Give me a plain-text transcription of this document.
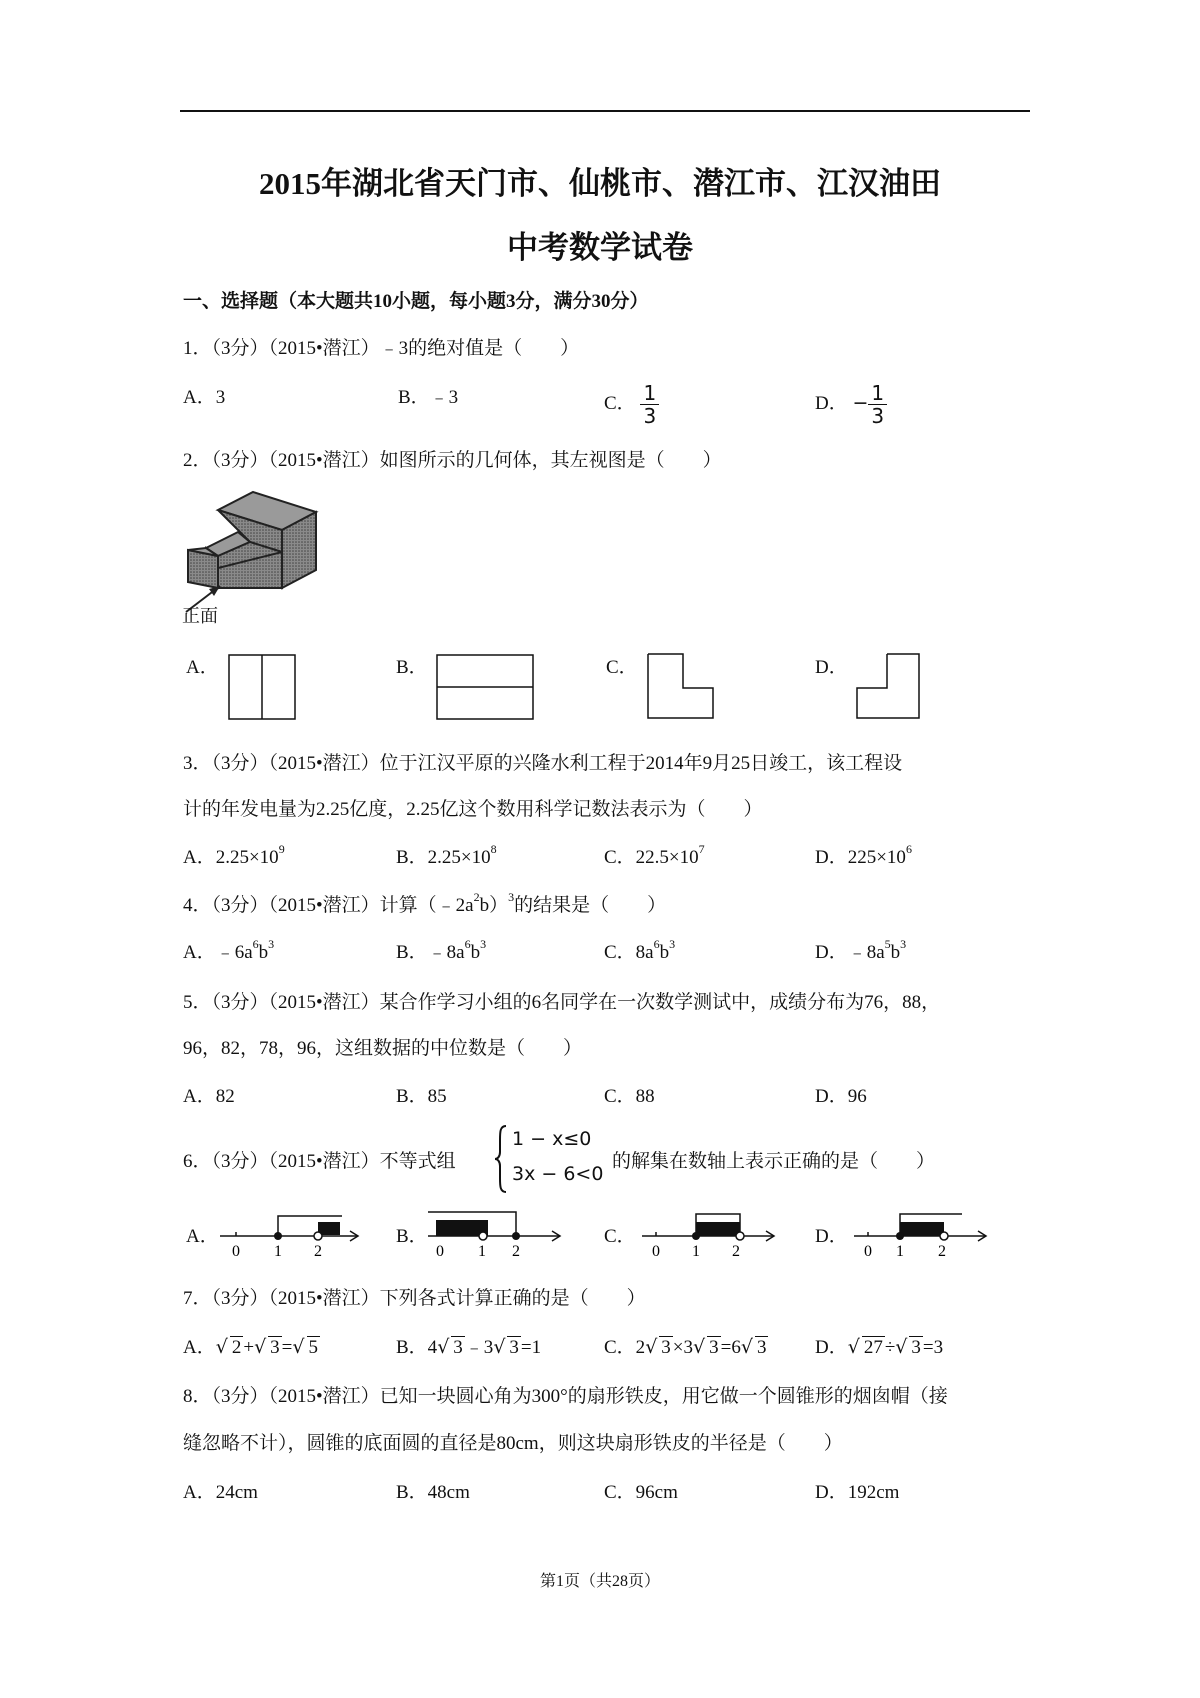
2015年湖北省天门市、仙桃市、潜江市、江汉油田
中考数学试卷
一、选择题（本大题共10小题，每小题3分，满分30分）
1．（3分）（2015•潜江）﹣3的绝对值是（　　）
A．3	B．﹣3	C． $\frac{1}{3}$	D． − $\frac{1}{3}$
2．（3分）（2015•潜江）如图所示的几何体，其左视图是（　　）
正面
A．	B．	C．	D．
3．（3分）（2015•潜江）位于江汉平原的兴隆水利工程于2014年9月25日竣工，该工程设
计的年发电量为2.25亿度，2.25亿这个数用科学记数法表示为（　　）
A．$2.25\times 10^9$	B．$2.25\times 10^8$	C．$22.5\times 10^7$	D．$225\times 10^6$
4．（3分）（2015•潜江）计算$(﹣2a^2b)^3$的结果是（　　）
A．$﹣6a^6b^3$	B．$﹣8a^6b^3$	C．$8a^6b^3$	D．$﹣8a^5b^3$
5．（3分）（2015•潜江）某合作学习小组的6名同学在一次数学测试中，成绩分布为76，88，
96，82，78，96，这组数据的中位数是（　　）
A．82	B．85	C．88	D．96
6．（3分）（2015•潜江）不等式组
1 − x≤0
3x − 6<0
的解集在数轴上表示正确的是（　　）
A．
0 1 2
B．
0 1 2
C．
0 1 2
D．
0 1 2
7．（3分）（2015•潜江）下列各式计算正确的是（　　）
A．√ 2 +√ 3 =√ 5	B．4√ 3 ﹣3√ 3 =1	C．2√ 3 ×3√ 3 =6√ 3	D．√ 27 ÷√ 3 =3
8．（3分）（2015•潜江）已知一块圆心角为300°的扇形铁皮，用它做一个圆锥形的烟囱帽（接
缝忽略不计），圆锥的底面圆的直径是80cm，则这块扇形铁皮的半径是（　　）
A．24cm	B．48cm	C．96cm	D．192cm
第1页（共28页）
